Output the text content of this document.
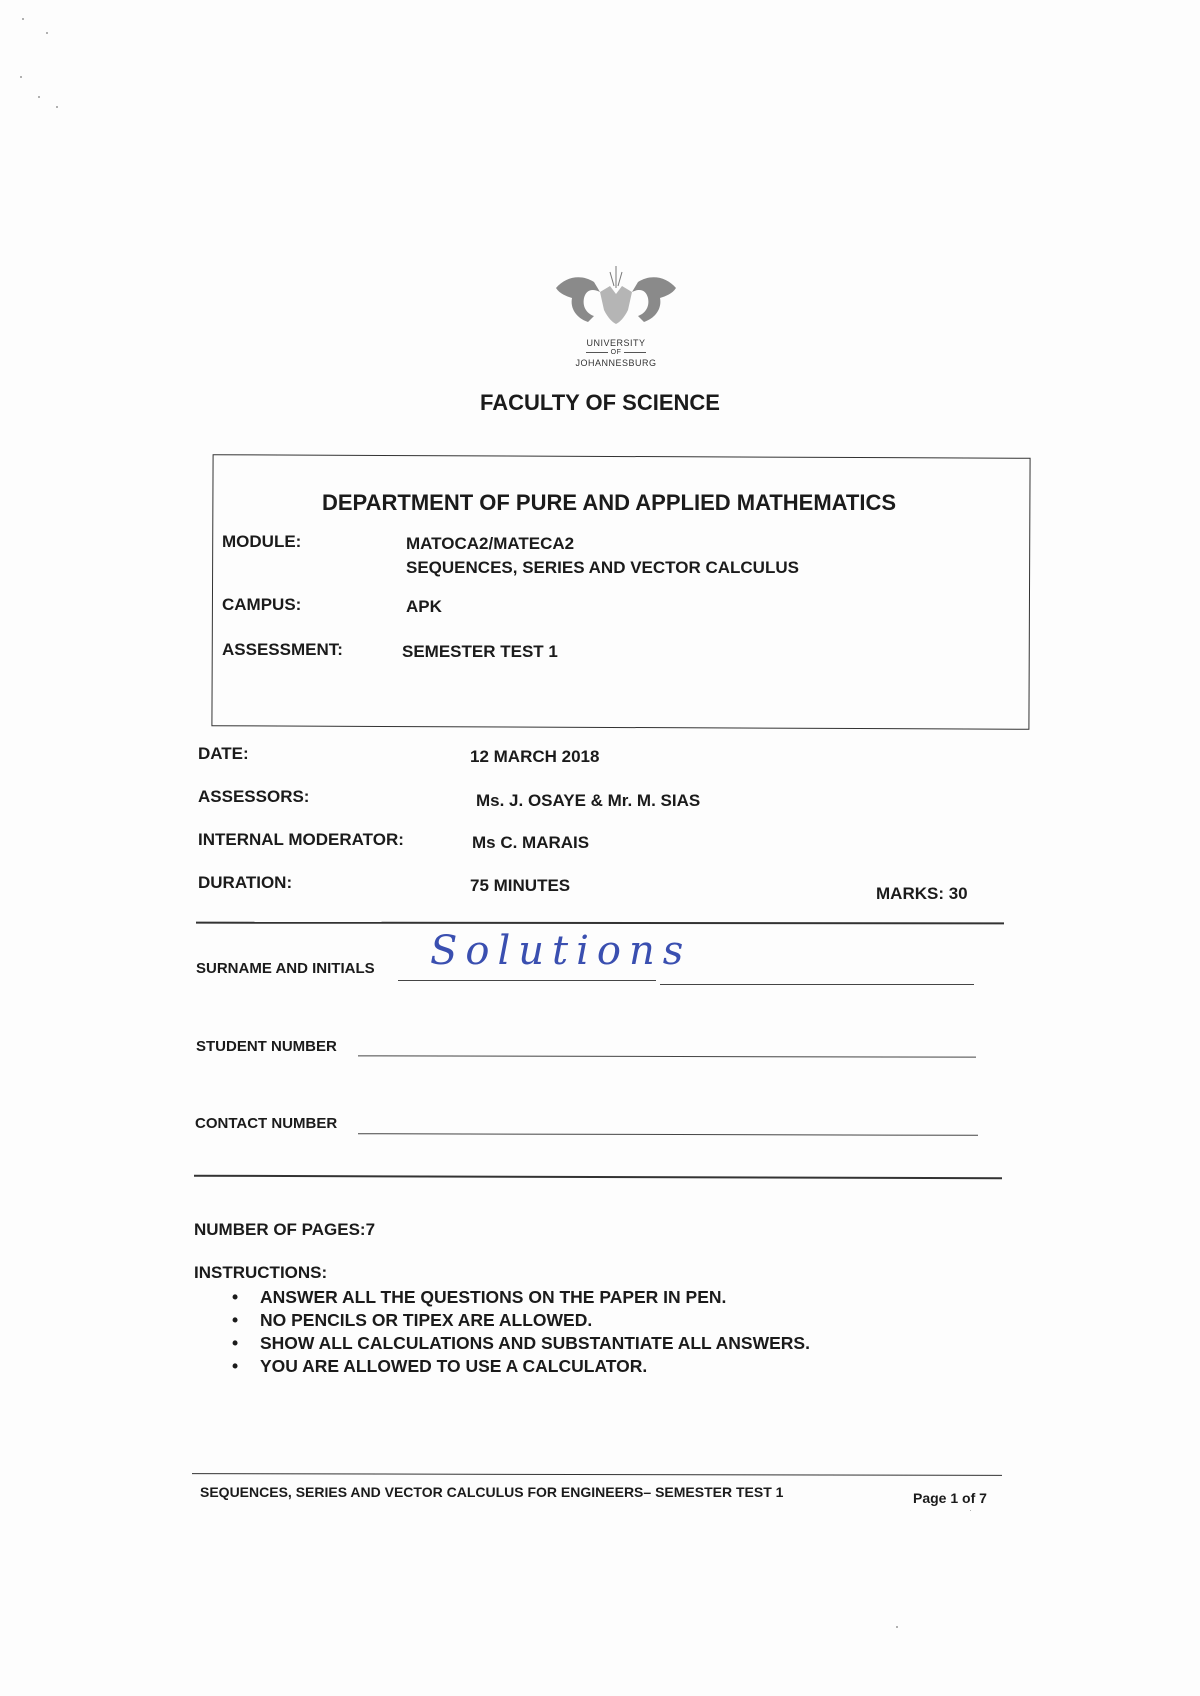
UNIVERSITY
OF
JOHANNESBURG
FACULTY OF SCIENCE
DEPARTMENT OF PURE AND APPLIED MATHEMATICS
MODULE:	MATOCA2/MATECA2
SEQUENCES, SERIES AND VECTOR CALCULUS
CAMPUS:	APK
ASSESSMENT:	SEMESTER TEST 1
DATE:	12 MARCH 2018
ASSESSORS:	Ms. J. OSAYE & Mr. M. SIAS
INTERNAL MODERATOR:	Ms C. MARAIS
DURATION:	75 MINUTES	MARKS: 30
SURNAME AND INITIALS Solutions
STUDENT NUMBER
CONTACT NUMBER
NUMBER OF PAGES:7
INSTRUCTIONS:
• ANSWER ALL THE QUESTIONS ON THE PAPER IN PEN.
• NO PENCILS OR TIPEX ARE ALLOWED.
• SHOW ALL CALCULATIONS AND SUBSTANTIATE ALL ANSWERS.
• YOU ARE ALLOWED TO USE A CALCULATOR.
SEQUENCES, SERIES AND VECTOR CALCULUS FOR ENGINEERS– SEMESTER TEST 1	Page 1 of 7
